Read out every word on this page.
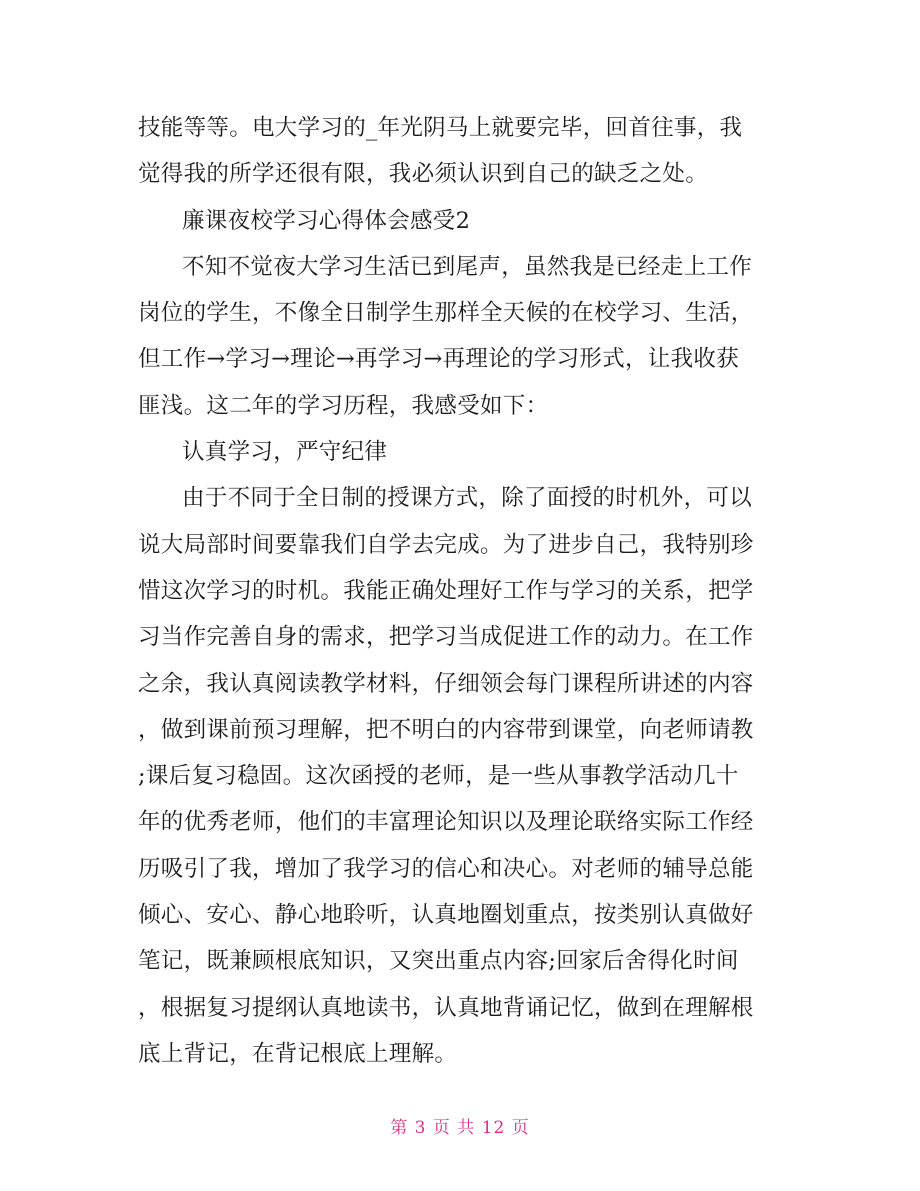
技能等等。电大学习的_年光阴马上就要完毕，回首往事，我
觉得我的所学还很有限，我必须认识到自己的缺乏之处。
廉课夜校学习心得体会感受2
不知不觉夜大学习生活已到尾声，虽然我是已经走上工作
岗位的学生，不像全日制学生那样全天候的在校学习、生活，
但工作→学习→理论→再学习→再理论的学习形式，让我收获
匪浅。这二年的学习历程，我感受如下：
认真学习，严守纪律
由于不同于全日制的授课方式，除了面授的时机外，可以
说大局部时间要靠我们自学去完成。为了进步自己，我特别珍
惜这次学习的时机。我能正确处理好工作与学习的关系，把学
习当作完善自身的需求，把学习当成促进工作的动力。在工作
之余，我认真阅读教学材料，仔细领会每门课程所讲述的内容
，做到课前预习理解，把不明白的内容带到课堂，向老师请教
;课后复习稳固。这次函授的老师，是一些从事教学活动几十
年的优秀老师，他们的丰富理论知识以及理论联络实际工作经
历吸引了我，增加了我学习的信心和决心。对老师的辅导总能
倾心、安心、静心地聆听，认真地圈划重点，按类别认真做好
笔记，既兼顾根底知识，又突出重点内容;回家后舍得化时间
，根据复习提纲认真地读书，认真地背诵记忆，做到在理解根
底上背记，在背记根底上理解。
第 3 页 共 12 页
